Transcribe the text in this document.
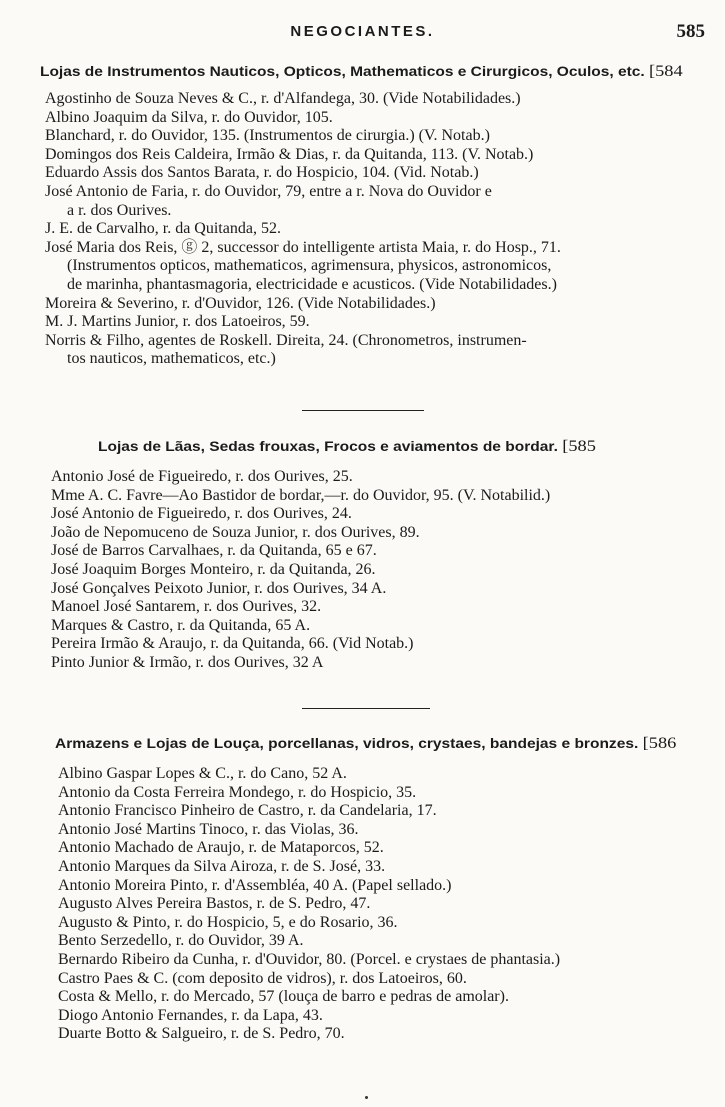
NEGOCIANTES.	585
Lojas de Instrumentos Nauticos, Opticos, Mathematicos e Cirurgicos, Oculos, etc. [584
Agostinho de Souza Neves & C., r. d'Alfandega, 30. (Vide Notabilidades.)
Albino Joaquim da Silva, r. do Ouvidor, 105.
Blanchard, r. do Ouvidor, 135. (Instrumentos de cirurgia.) (V. Notab.)
Domingos dos Reis Caldeira, Irmão & Dias, r. da Quitanda, 113. (V. Notab.)
Eduardo Assis dos Santos Barata, r. do Hospicio, 104. (Vid. Notab.)
José Antonio de Faria, r. do Ouvidor, 79, entre a r. Nova do Ouvidor e
a r. dos Ourives.
J. E. de Carvalho, r. da Quitanda, 52.
José Maria dos Reis, ⓖ 2, successor do intelligente artista Maia, r. do Hosp., 71.
(Instrumentos opticos, mathematicos, agrimensura, physicos, astronomicos,
de marinha, phantasmagoria, electricidade e acusticos. (Vide Notabilidades.)
Moreira & Severino, r. d'Ouvidor, 126. (Vide Notabilidades.)
M. J. Martins Junior, r. dos Latoeiros, 59.
Norris & Filho, agentes de Roskell. Direita, 24. (Chronometros, instrumen-
tos nauticos, mathematicos, etc.)
Lojas de Lãas, Sedas frouxas, Frocos e aviamentos de bordar. [585
Antonio José de Figueiredo, r. dos Ourives, 25.
Mme A. C. Favre—Ao Bastidor de bordar,—r. do Ouvidor, 95. (V. Notabilid.)
José Antonio de Figueiredo, r. dos Ourives, 24.
João de Nepomuceno de Souza Junior, r. dos Ourives, 89.
José de Barros Carvalhaes, r. da Quitanda, 65 e 67.
José Joaquim Borges Monteiro, r. da Quitanda, 26.
José Gonçalves Peixoto Junior, r. dos Ourives, 34 A.
Manoel José Santarem, r. dos Ourives, 32.
Marques & Castro, r. da Quitanda, 65 A.
Pereira Irmão & Araujo, r. da Quitanda, 66. (Vid Notab.)
Pinto Junior & Irmão, r. dos Ourives, 32 A
Armazens e Lojas de Louça, porcellanas, vidros, crystaes, bandejas e bronzes. [586
Albino Gaspar Lopes & C., r. do Cano, 52 A.
Antonio da Costa Ferreira Mondego, r. do Hospicio, 35.
Antonio Francisco Pinheiro de Castro, r. da Candelaria, 17.
Antonio José Martins Tinoco, r. das Violas, 36.
Antonio Machado de Araujo, r. de Mataporcos, 52.
Antonio Marques da Silva Airoza, r. de S. José, 33.
Antonio Moreira Pinto, r. d'Assembléa, 40 A. (Papel sellado.)
Augusto Alves Pereira Bastos, r. de S. Pedro, 47.
Augusto & Pinto, r. do Hospicio, 5, e do Rosario, 36.
Bento Serzedello, r. do Ouvidor, 39 A.
Bernardo Ribeiro da Cunha, r. d'Ouvidor, 80. (Porcel. e crystaes de phantasia.)
Castro Paes & C. (com deposito de vidros), r. dos Latoeiros, 60.
Costa & Mello, r. do Mercado, 57 (louça de barro e pedras de amolar).
Diogo Antonio Fernandes, r. da Lapa, 43.
Duarte Botto & Salgueiro, r. de S. Pedro, 70.
